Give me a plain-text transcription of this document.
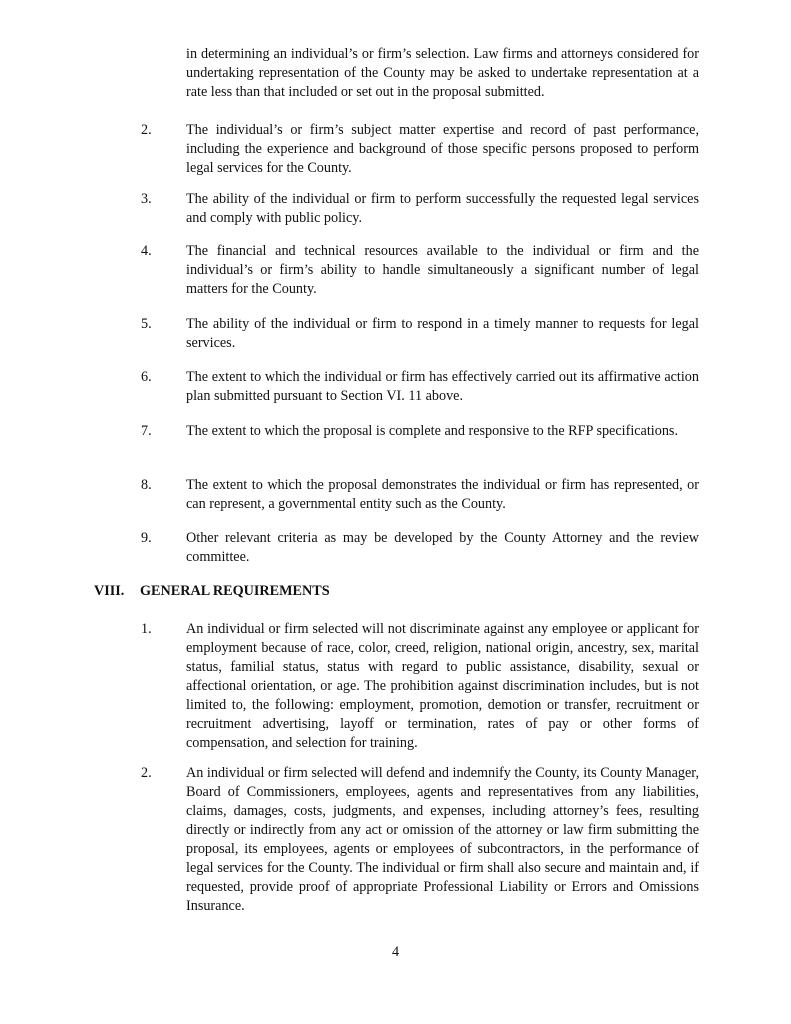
in determining an individual’s or firm’s selection. Law firms and attorneys considered for undertaking representation of the County may be asked to undertake representation at a rate less than that included or set out in the proposal submitted.

2. The individual’s or firm’s subject matter expertise and record of past performance, including the experience and background of those specific persons proposed to perform legal services for the County.

3. The ability of the individual or firm to perform successfully the requested legal services and comply with public policy.

4. The financial and technical resources available to the individual or firm and the individual’s or firm’s ability to handle simultaneously a significant number of legal matters for the County.

5. The ability of the individual or firm to respond in a timely manner to requests for legal services.

6. The extent to which the individual or firm has effectively carried out its affirmative action plan submitted pursuant to Section VI. 11 above.

7. The extent to which the proposal is complete and responsive to the RFP specifications.

8. The extent to which the proposal demonstrates the individual or firm has represented, or can represent, a governmental entity such as the County.

9. Other relevant criteria as may be developed by the County Attorney and the review committee.

VIII. GENERAL REQUIREMENTS
1. An individual or firm selected will not discriminate against any employee or applicant for employment because of race, color, creed, religion, national origin, ancestry, sex, marital status, familial status, status with regard to public assistance, disability, sexual or affectional orientation, or age. The prohibition against discrimination includes, but is not limited to, the following: employment, promotion, demotion or transfer, recruitment or recruitment advertising, layoff or termination, rates of pay or other forms of compensation, and selection for training.

2. An individual or firm selected will defend and indemnify the County, its County Manager, Board of Commissioners, employees, agents and representatives from any liabilities, claims, damages, costs, judgments, and expenses, including attorney’s fees, resulting directly or indirectly from any act or omission of the attorney or law firm submitting the proposal, its employees, agents or employees of subcontractors, in the performance of legal services for the County. The individual or firm shall also secure and maintain and, if requested, provide proof of appropriate Professional Liability or Errors and Omissions Insurance.

4
